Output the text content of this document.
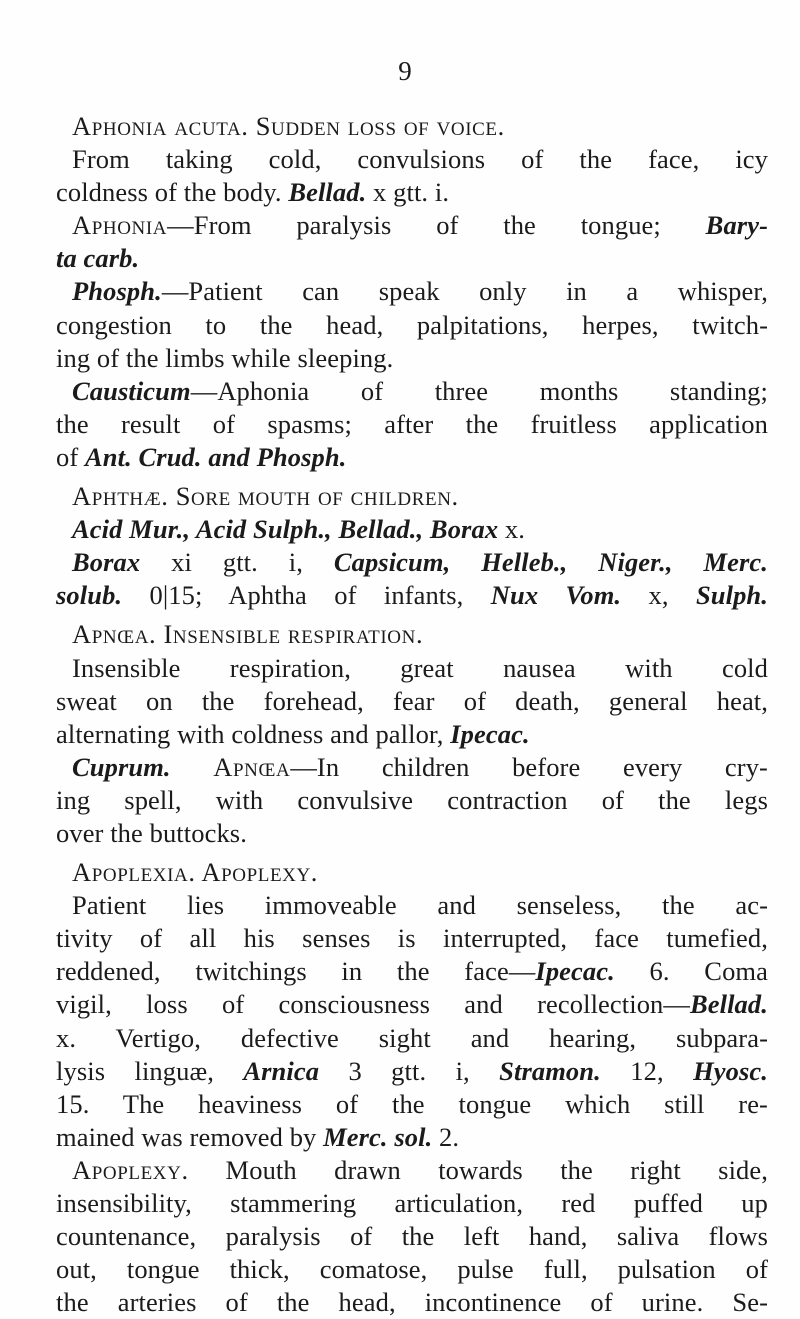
9
Aphonia acuta. Sudden loss of voice.
From taking cold, convulsions of the face, icy
coldness of the body. Bellad. x gtt. i.
Aphonia—From paralysis of the tongue; Bary-
ta carb.
Phosph.—Patient can speak only in a whisper,
congestion to the head, palpitations, herpes, twitch-
ing of the limbs while sleeping.
Causticum—Aphonia of three months standing;
the result of spasms; after the fruitless application
of Ant. Crud. and Phosph.
Aphthæ. Sore mouth of children.
Acid Mur., Acid Sulph., Bellad., Borax x.
Borax xi gtt. i, Capsicum, Helleb., Niger., Merc.
solub. 0|15; Aphtha of infants, Nux Vom. x, Sulph.
Apnœa. Insensible respiration.
Insensible respiration, great nausea with cold
sweat on the forehead, fear of death, general heat,
alternating with coldness and pallor, Ipecac.
Cuprum. Apnœa—In children before every cry-
ing spell, with convulsive contraction of the legs
over the buttocks.
Apoplexia. Apoplexy.
Patient lies immoveable and senseless, the ac-
tivity of all his senses is interrupted, face tumefied,
reddened, twitchings in the face—Ipecac. 6. Coma
vigil, loss of consciousness and recollection—Bellad.
x. Vertigo, defective sight and hearing, subpara-
lysis linguæ, Arnica 3 gtt. i, Stramon. 12, Hyosc.
15. The heaviness of the tongue which still re-
mained was removed by Merc. sol. 2.
Apoplexy. Mouth drawn towards the right side,
insensibility, stammering articulation, red puffed up
countenance, paralysis of the left hand, saliva flows
out, tongue thick, comatose, pulse full, pulsation of
the arteries of the head, incontinence of urine. Se-
